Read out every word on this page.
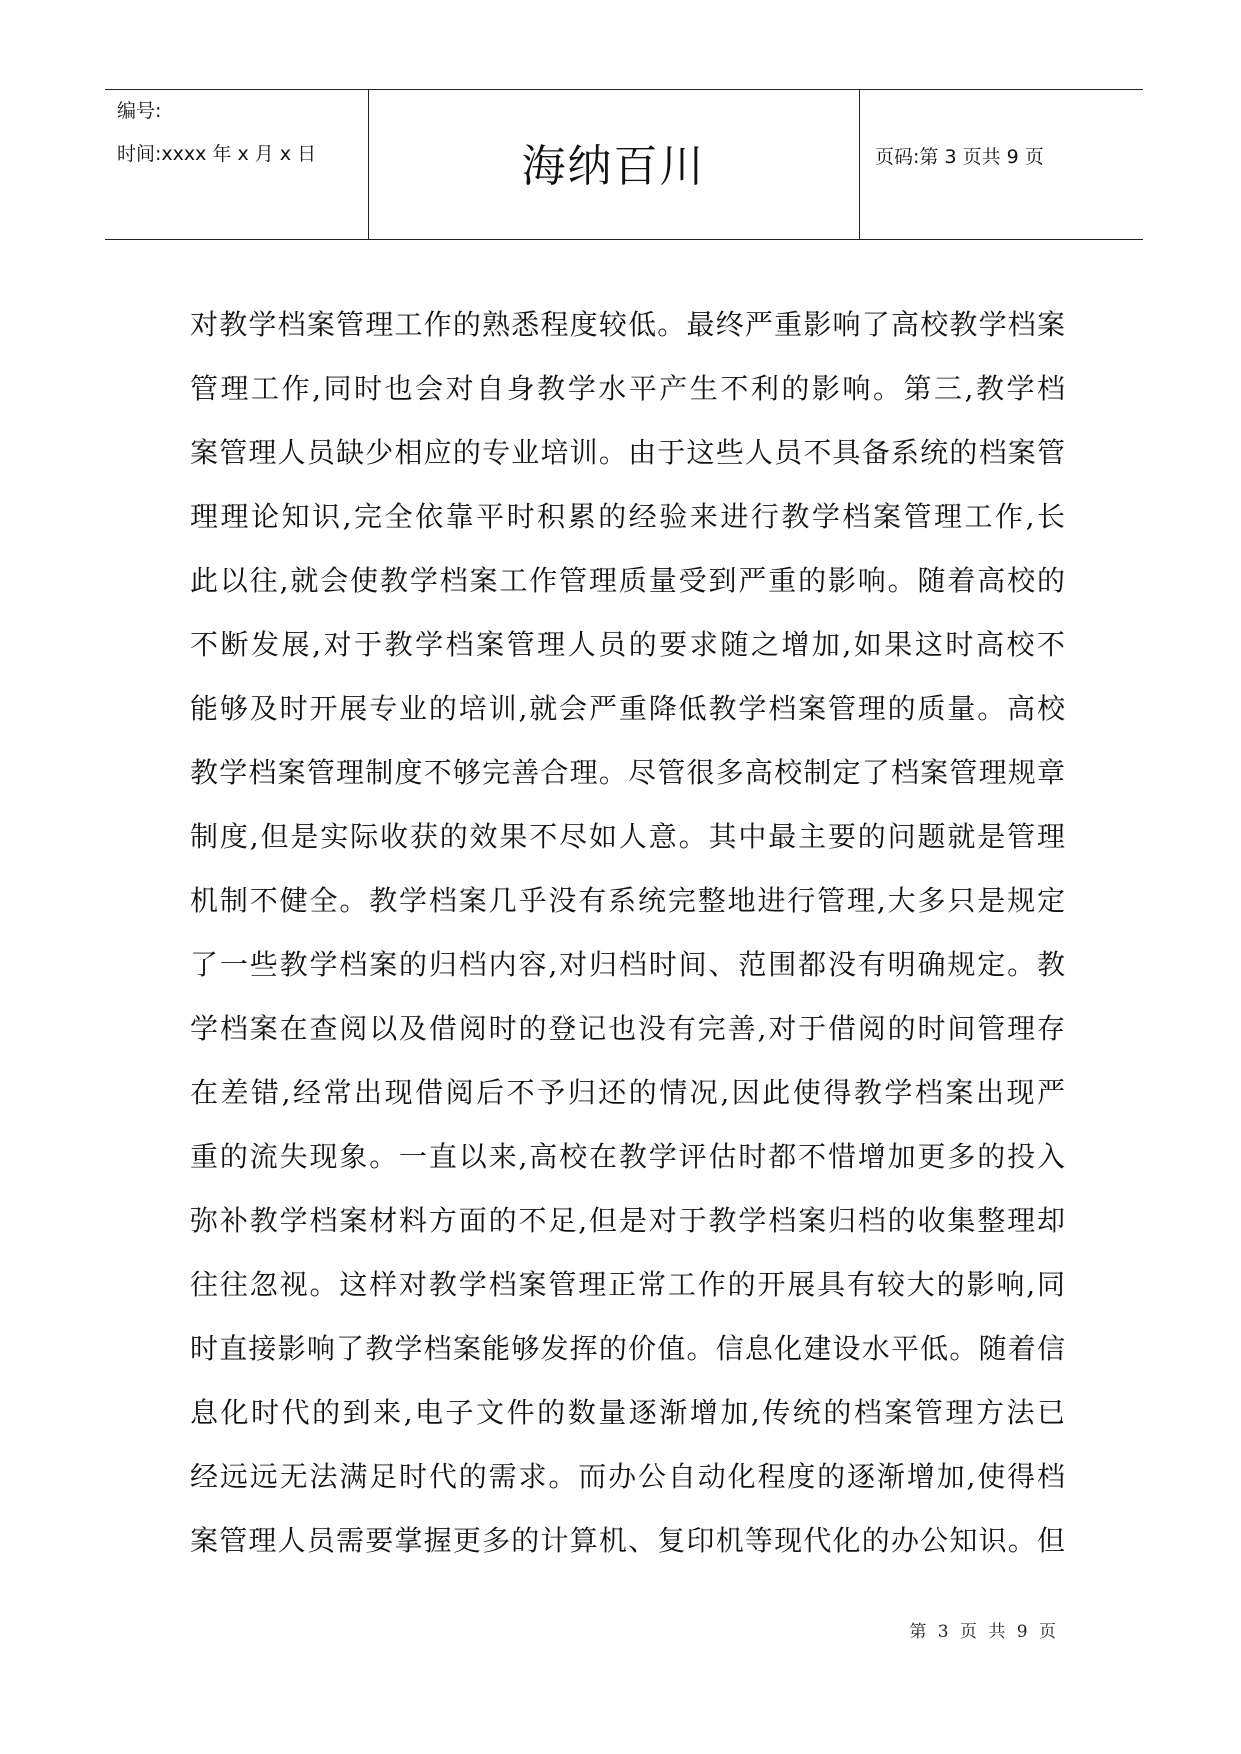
编号:
时间:xxxx 年 x 月 x 日	海纳百川	页码:第 3 页共 9 页
对教学档案管理工作的熟悉程度较低。最终严重影响了高校教学档案
管理工作,同时也会对自身教学水平产生不利的影响。第三,教学档
案管理人员缺少相应的专业培训。由于这些人员不具备系统的档案管
理理论知识,完全依靠平时积累的经验来进行教学档案管理工作,长
此以往,就会使教学档案工作管理质量受到严重的影响。随着高校的
不断发展,对于教学档案管理人员的要求随之增加,如果这时高校不
能够及时开展专业的培训,就会严重降低教学档案管理的质量。高校
教学档案管理制度不够完善合理。尽管很多高校制定了档案管理规章
制度,但是实际收获的效果不尽如人意。其中最主要的问题就是管理
机制不健全。教学档案几乎没有系统完整地进行管理,大多只是规定
了一些教学档案的归档内容,对归档时间、范围都没有明确规定。教
学档案在查阅以及借阅时的登记也没有完善,对于借阅的时间管理存
在差错,经常出现借阅后不予归还的情况,因此使得教学档案出现严
重的流失现象。一直以来,高校在教学评估时都不惜增加更多的投入
弥补教学档案材料方面的不足,但是对于教学档案归档的收集整理却
往往忽视。这样对教学档案管理正常工作的开展具有较大的影响,同
时直接影响了教学档案能够发挥的价值。信息化建设水平低。随着信
息化时代的到来,电子文件的数量逐渐增加,传统的档案管理方法已
经远远无法满足时代的需求。而办公自动化程度的逐渐增加,使得档
案管理人员需要掌握更多的计算机、复印机等现代化的办公知识。但
第 3 页 共 9 页
